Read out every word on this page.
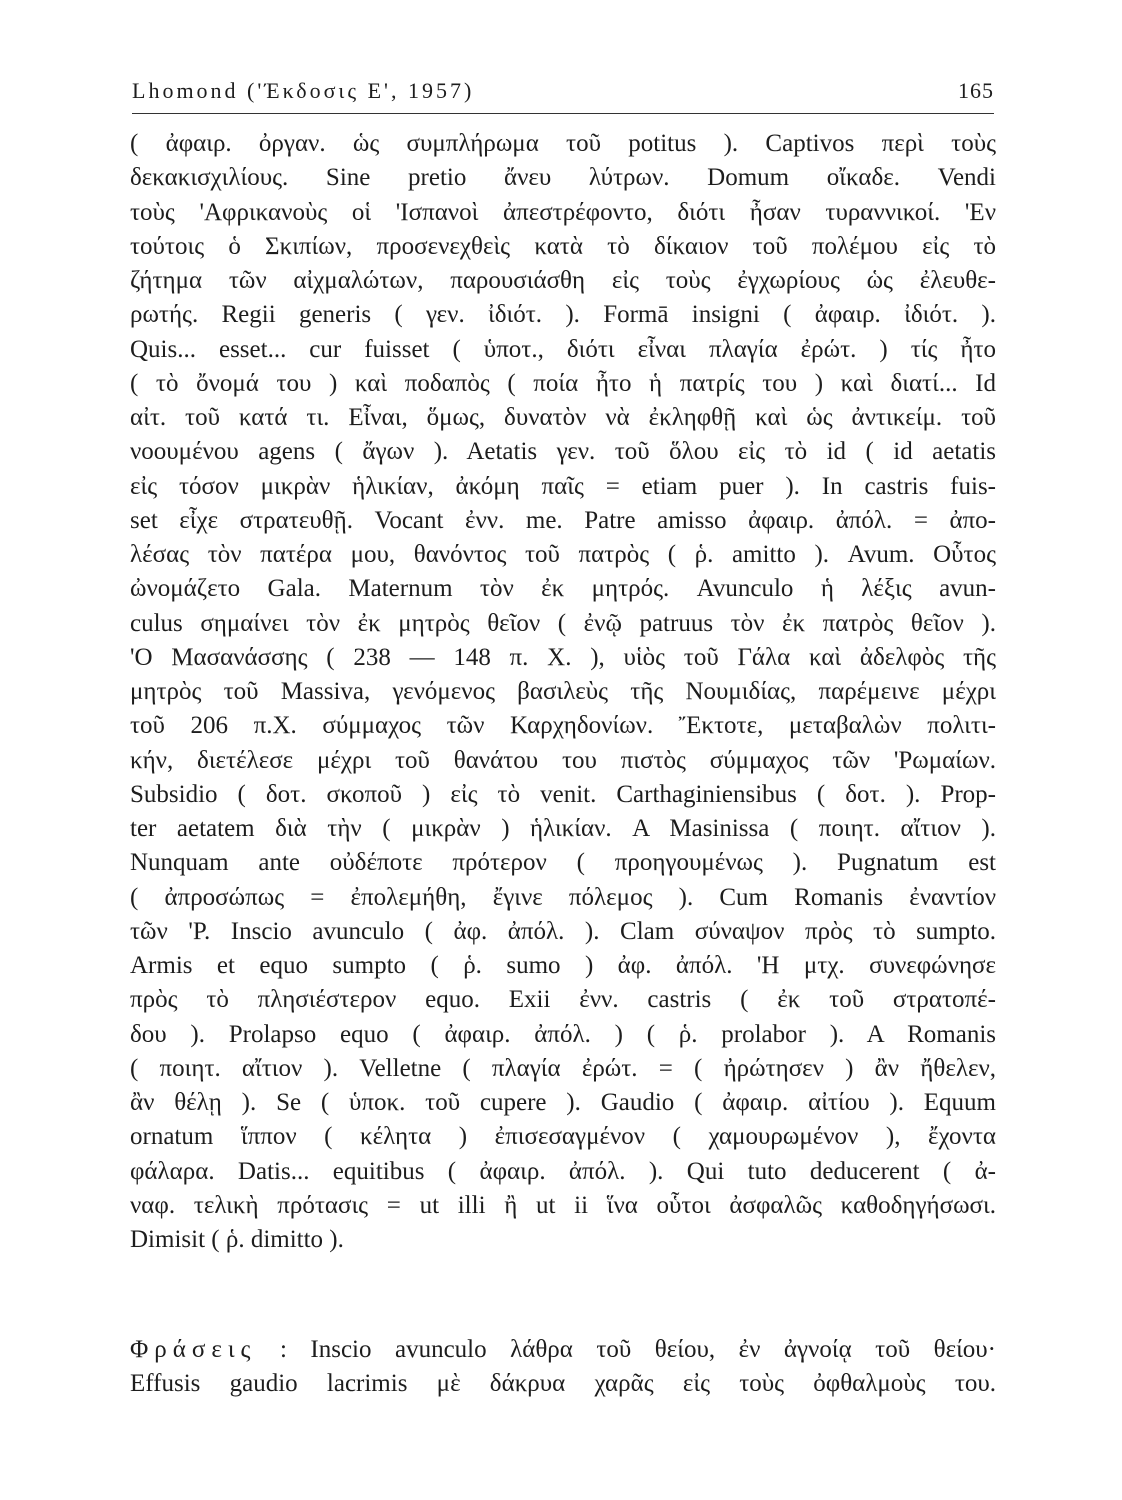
Lhomond ('Έκδοσις Ε', 1957)	165
( ἀφαιρ. ὀργαν. ὡς συμπλήρωμα τοῦ potitus ). Captivos περὶ τοὺς
δεκακισχιλίους. Sine pretio ἄνευ λύτρων. Domum οἴκαδε. Vendi
τοὺς 'Αφρικανοὺς οἱ 'Ισπανοὶ ἀπεστρέφοντο, διότι ἦσαν τυραννικοί. 'Εν
τούτοις ὁ Σκιπίων, προσενεχθεὶς κατὰ τὸ δίκαιον τοῦ πολέμου εἰς τὸ
ζήτημα τῶν αἰχμαλώτων, παρουσιάσθη εἰς τοὺς ἐγχωρίους ὡς ἐλευθε-
ρωτής. Regii generis ( γεν. ἰδιότ. ). Formā insigni ( ἀφαιρ. ἰδιότ. ).
Quis... esset... cur fuisset ( ὑποτ., διότι εἶναι πλαγία ἐρώτ. ) τίς ἦτο
( τὸ ὄνομά του ) καὶ ποδαπὸς ( ποία ἦτο ἡ πατρίς του ) καὶ διατί... Id
αἰτ. τοῦ κατά τι. Εἶναι, ὅμως, δυνατὸν νὰ ἐκληφθῇ καὶ ὡς ἀντικείμ. τοῦ
νοουμένου agens ( ἄγων ). Aetatis γεν. τοῦ ὅλου εἰς τὸ id ( id aetatis
εἰς τόσον μικρὰν ἡλικίαν, ἀκόμη παῖς = etiam puer ). In castris fuis-
set εἶχε στρατευθῇ. Vocant ἐνν. me. Patre amisso ἀφαιρ. ἀπόλ. = ἀπο-
λέσας τὸν πατέρα μου, θανόντος τοῦ πατρὸς ( ῥ. amitto ). Avum. Οὗτος
ὠνομάζετο Gala. Maternum τὸν ἐκ μητρός. Avunculo ἡ λέξις avun-
culus σημαίνει τὸν ἐκ μητρὸς θεῖον ( ἐνῷ patruus τὸν ἐκ πατρὸς θεῖον ).
'Ο Μασανάσσης ( 238 — 148 π. Χ. ), υἱὸς τοῦ Γάλα καὶ ἀδελφὸς τῆς
μητρὸς τοῦ Massiva, γενόμενος βασιλεὺς τῆς Νουμιδίας, παρέμεινε μέχρι
τοῦ 206 π.Χ. σύμμαχος τῶν Καρχηδονίων. Ἔκτοτε, μεταβαλὼν πολιτι-
κήν, διετέλεσε μέχρι τοῦ θανάτου του πιστὸς σύμμαχος τῶν 'Ρωμαίων.
Subsidio ( δοτ. σκοποῦ ) εἰς τὸ venit. Carthaginiensibus ( δοτ. ). Prop-
ter aetatem διὰ τὴν ( μικρὰν ) ἡλικίαν. A Masinissa ( ποιητ. αἴτιον ).
Nunquam ante οὐδέποτε πρότερον ( προηγουμένως ). Pugnatum est
( ἀπροσώπως = ἐπολεμήθη, ἔγινε πόλεμος ). Cum Romanis ἐναντίον
τῶν 'Ρ. Inscio avunculo ( ἀφ. ἀπόλ. ). Clam σύναψον πρὸς τὸ sumpto.
Armis et equo sumpto ( ῥ. sumo ) ἀφ. ἀπόλ. 'Η μτχ. συνεφώνησε
πρὸς τὸ πλησιέστερον equo. Exii ἐνν. castris ( ἐκ τοῦ στρατοπέ-
δου ). Prolapso equo ( ἀφαιρ. ἀπόλ. ) ( ῥ. prolabor ). A Romanis
( ποιητ. αἴτιον ). Velletne ( πλαγία ἐρώτ. = ( ἠρώτησεν ) ἂν ἤθελεν,
ἂν θέλῃ ). Se ( ὑποκ. τοῦ cupere ). Gaudio ( ἀφαιρ. αἰτίου ). Equum
ornatum ἵππον ( κέλητα ) ἐπισεσαγμένον ( χαμουρωμένον ), ἔχοντα
φάλαρα. Datis... equitibus ( ἀφαιρ. ἀπόλ. ). Qui tuto deducerent ( ἀ-
ναφ. τελικὴ πρότασις = ut illi ἢ ut ii ἵνα οὗτοι ἀσφαλῶς καθοδηγήσωσι.
Dimisit ( ῥ. dimitto ).
Φράσεις : Inscio avunculo λάθρα τοῦ θείου, ἐν ἀγνοίᾳ τοῦ θείου·
Effusis gaudio lacrimis μὲ δάκρυα χαρᾶς εἰς τοὺς ὀφθαλμοὺς του.
